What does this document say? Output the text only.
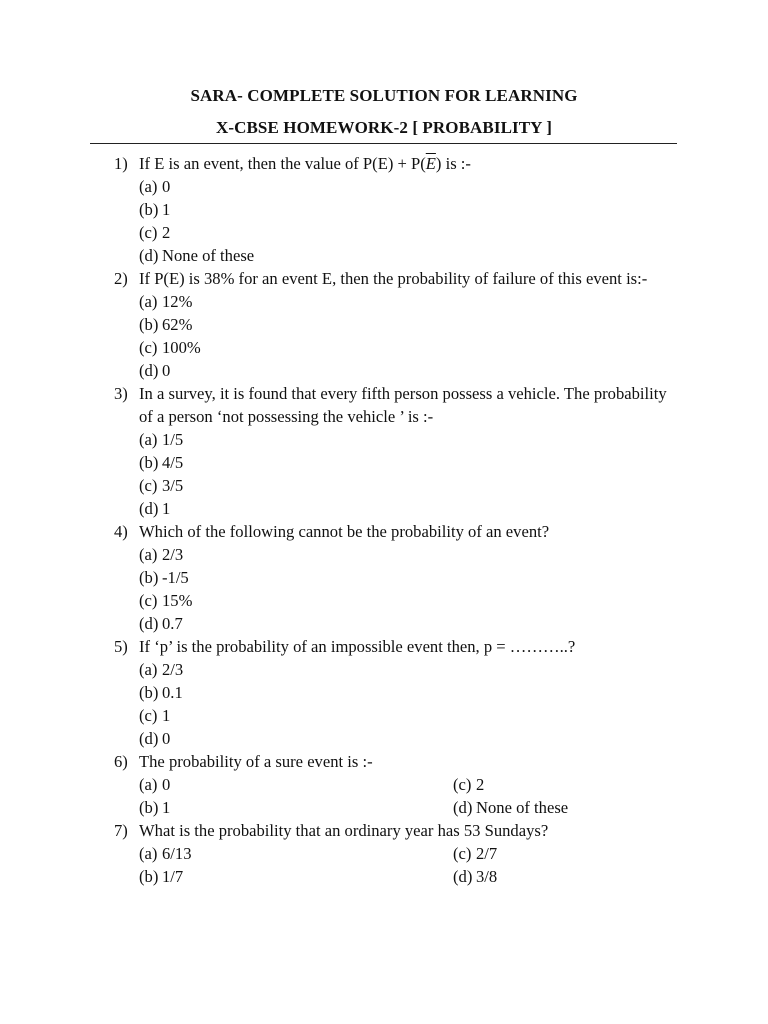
SARA- COMPLETE SOLUTION FOR LEARNING
X-CBSE HOMEWORK-2 [ PROBABILITY ]
1) If E is an event, then the value of $P(E) + P(\overline{E})$ is :-
(a) 0
(b) 1
(c) 2
(d) None of these
2) If P(E) is 38% for an event E, then the probability of failure of this event is:-
(a) 12%
(b) 62%
(c) 100%
(d) 0
3) In a survey, it is found that every fifth person possess a vehicle. The probability of a person ‘not possessing the vehicle ’ is :-
(a) 1/5
(b) 4/5
(c) 3/5
(d) 1
4) Which of the following cannot be the probability of an event?
(a) 2/3
(b) -1/5
(c) 15%
(d) 0.7
5) If ‘p’ is the probability of an impossible event then, p = ………..?
(a) 2/3
(b) 0.1
(c) 1
(d) 0
6) The probability of a sure event is :-
(a) 0	(c) 2
(b) 1	(d) None of these
7) What is the probability that an ordinary year has 53 Sundays?
(a) 6/13	(c) 2/7
(b) 1/7	(d) 3/8
